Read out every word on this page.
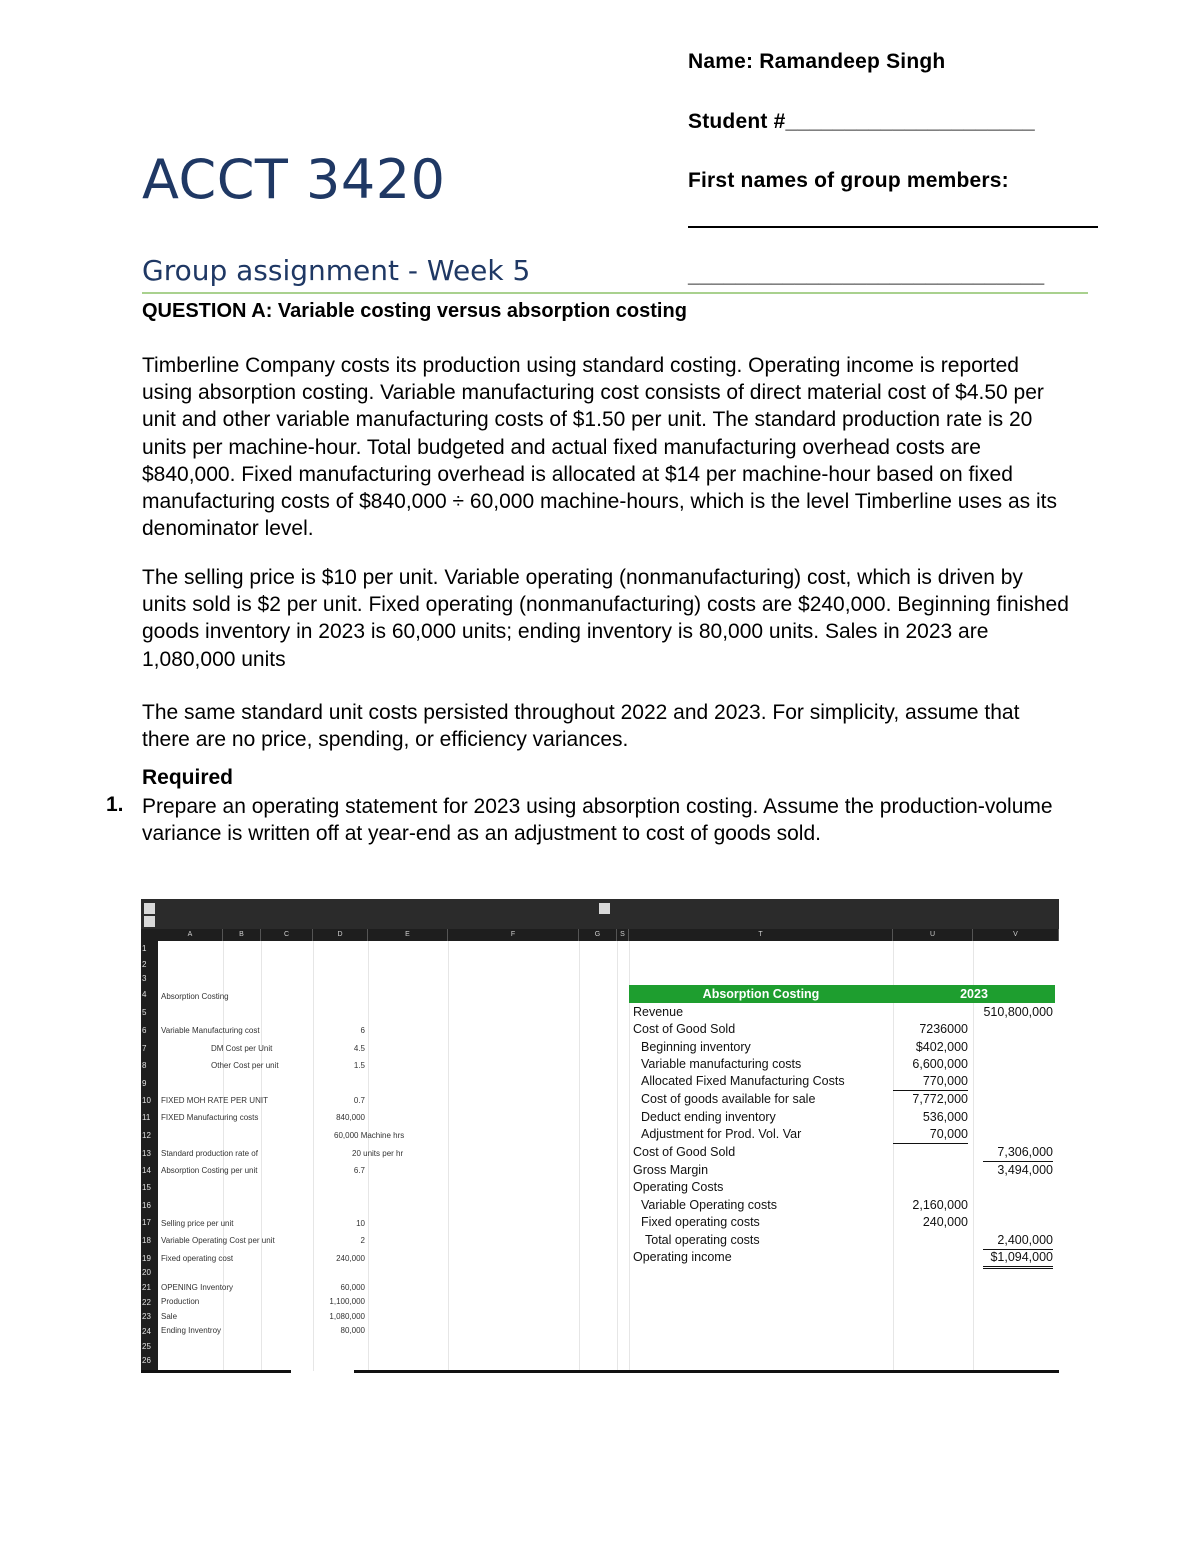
Name: Ramandeep Singh
Student #_____________________
First names of group members:
______________________________
ACCT 3420
Group assignment - Week 5
QUESTION A: Variable costing versus absorption costing
Timberline Company costs its production using standard costing. Operating income is reported using absorption costing. Variable manufacturing cost consists of direct material cost of $4.50 per unit and other variable manufacturing costs of $1.50 per unit. The standard production rate is 20 units per machine-hour. Total budgeted and actual fixed manufacturing overhead costs are $840,000. Fixed manufacturing overhead is allocated at $14 per machine-hour based on fixed manufacturing costs of $840,000 ÷ 60,000 machine-hours, which is the level Timberline uses as its denominator level.
The selling price is $10 per unit. Variable operating (nonmanufacturing) cost, which is driven by units sold is $2 per unit. Fixed operating (nonmanufacturing) costs are $240,000. Beginning finished goods inventory in 2023 is 60,000 units; ending inventory is 80,000 units. Sales in 2023 are 1,080,000 units
The same standard unit costs persisted throughout 2022 and 2023. For simplicity, assume that there are no price, spending, or efficiency variances.
Required
1. Prepare an operating statement for 2023 using absorption costing. Assume the production-volume variance is written off at year-end as an adjustment to cost of goods sold.
A	B	C	D	E	F	G	S	T	U	V
1
2
3
4
5
6
7
8
9
10
11
12
13
14
15
16
17
18
19
20
21
22
23
24
25
26
Absorption Costing
Variable Manufacturing cost	6
DM Cost per Unit	4.5
Other Cost per unit	1.5
FIXED MOH RATE PER UNIT	0.7
FIXED Manufacturing costs	840,000
60,000 Machine hrs
Standard production rate of	20 units per hr
Absorption Costing per unit	6.7
Selling price per unit	10
Variable Operating Cost per unit	2
Fixed operating cost	240,000
OPENING Inventory	60,000
Production	1,100,000
Sale	1,080,000
Ending Inventroy	80,000
Absorption Costing	2023
Revenue	510,800,000
Cost of Good Sold	7236000
Beginning inventory	$402,000
Variable manufacturing costs	6,600,000
Allocated Fixed Manufacturing Costs	770,000
Cost of goods available for sale	7,772,000
Deduct ending inventory	536,000
Adjustment for Prod. Vol. Var	70,000
Cost of Good Sold	7,306,000
Gross Margin	3,494,000
Operating Costs
Variable Operating costs	2,160,000
Fixed operating costs	240,000
Total operating costs	2,400,000
Operating income	$1,094,000
